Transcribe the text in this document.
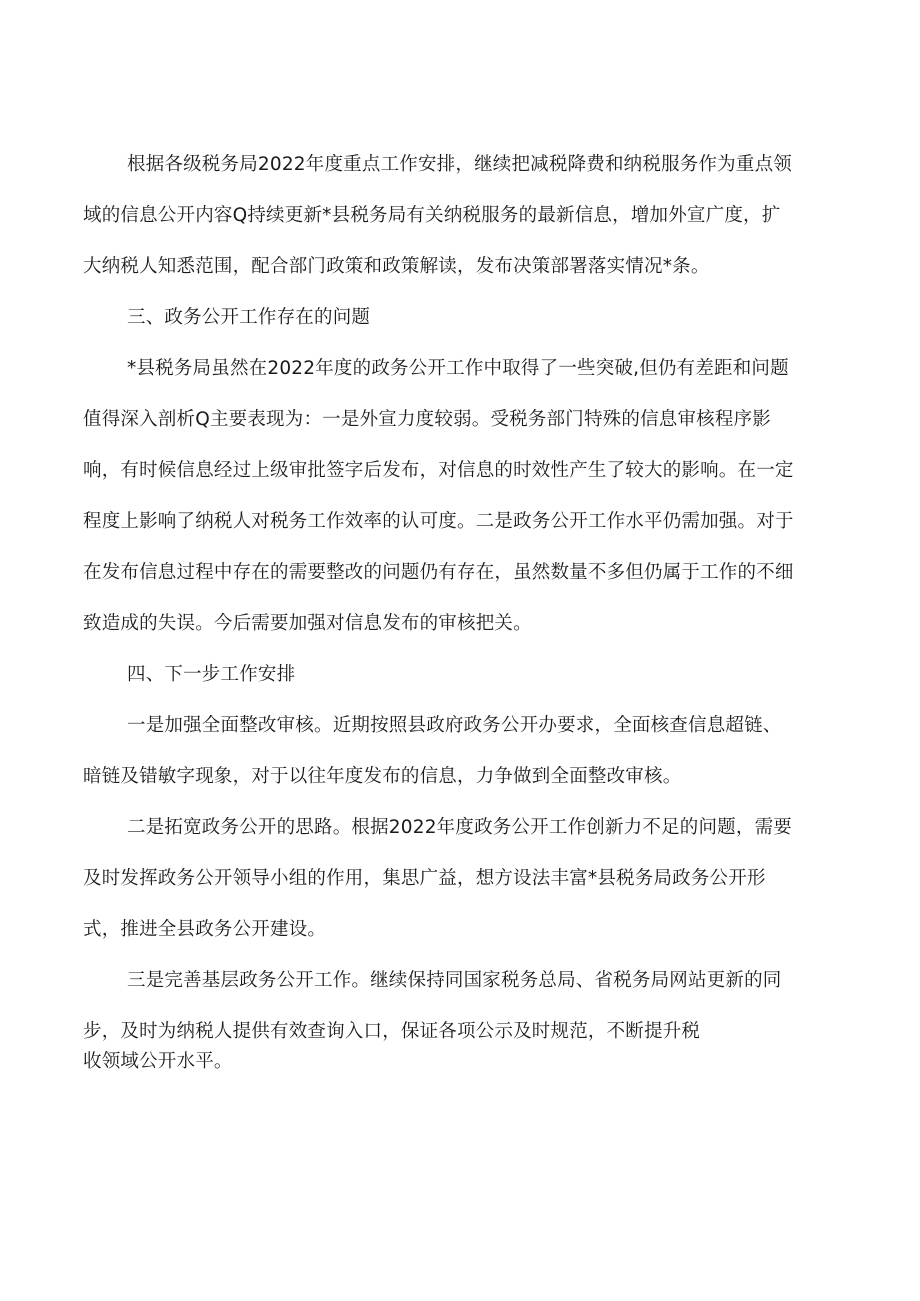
根据各级税务局2022年度重点工作安排，继续把减税降费和纳税服务作为重点领
域的信息公开内容Q持续更新*县税务局有关纳税服务的最新信息，增加外宣广度，扩
大纳税人知悉范围，配合部门政策和政策解读，发布决策部署落实情况*条。
三、政务公开工作存在的问题
*县税务局虽然在2022年度的政务公开工作中取得了一些突破,但仍有差距和问题
值得深入剖析Q主要表现为：一是外宣力度较弱。受税务部门特殊的信息审核程序影
响，有时候信息经过上级审批签字后发布，对信息的时效性产生了较大的影响。在一定
程度上影响了纳税人对税务工作效率的认可度。二是政务公开工作水平仍需加强。对于
在发布信息过程中存在的需要整改的问题仍有存在，虽然数量不多但仍属于工作的不细
致造成的失误。今后需要加强对信息发布的审核把关。
四、下一步工作安排
一是加强全面整改审核。近期按照县政府政务公开办要求，全面核查信息超链、
暗链及错敏字现象，对于以往年度发布的信息，力争做到全面整改审核。
二是拓宽政务公开的思路。根据2022年度政务公开工作创新力不足的问题，需要
及时发挥政务公开领导小组的作用，集思广益，想方设法丰富*县税务局政务公开形
式，推进全县政务公开建设。
三是完善基层政务公开工作。继续保持同国家税务总局、省税务局网站更新的同
步，及时为纳税人提供有效查询入口，保证各项公示及时规范，不断提升税
收领域公开水平。
